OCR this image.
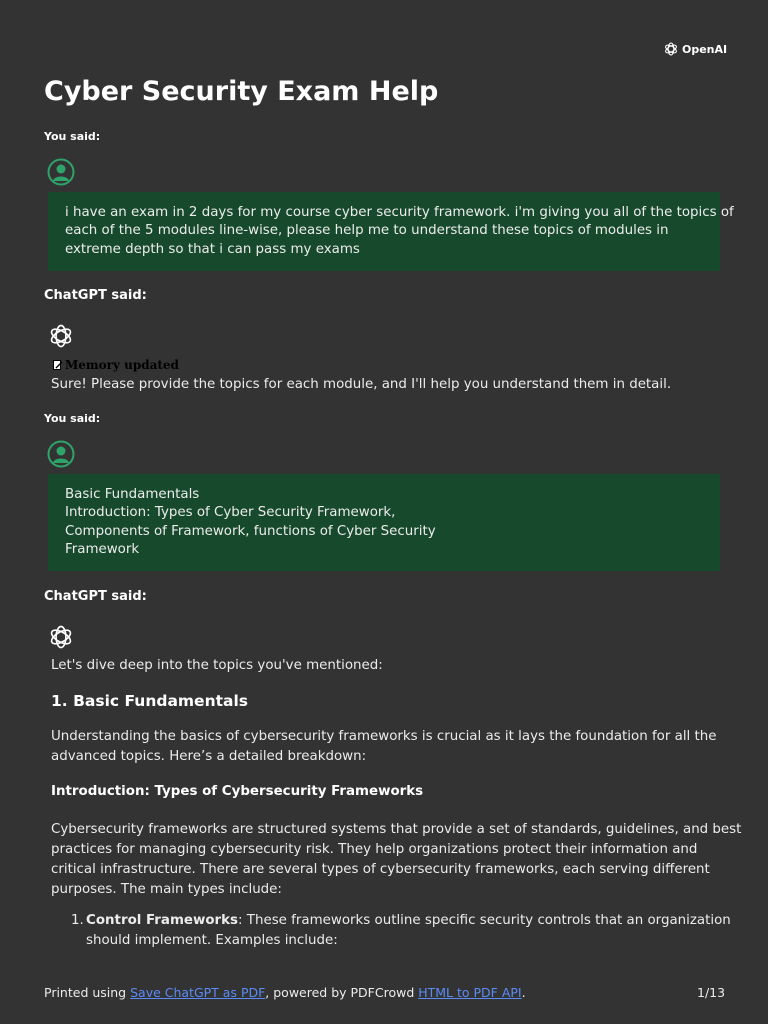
OpenAI
Cyber Security Exam Help
You said:
i have an exam in 2 days for my course cyber security framework. i'm giving you all of the topics of
each of the 5 modules line-wise, please help me to understand these topics of modules in
extreme depth so that i can pass my exams
ChatGPT said:
Memory updated

Sure! Please provide the topics for each module, and I'll help you understand them in detail.

You said:
Basic Fundamentals
Introduction: Types of Cyber Security Framework,
Components of Framework, functions of Cyber Security
Framework
ChatGPT said:

Let's dive deep into the topics you've mentioned:

1. Basic Fundamentals

Understanding the basics of cybersecurity frameworks is crucial as it lays the foundation for all the
advanced topics. Here’s a detailed breakdown:

Introduction: Types of Cybersecurity Frameworks

Cybersecurity frameworks are structured systems that provide a set of standards, guidelines, and best
practices for managing cybersecurity risk. They help organizations protect their information and
critical infrastructure. There are several types of cybersecurity frameworks, each serving different
purposes. The main types include:

1. Control Frameworks: These frameworks outline specific security controls that an organization
should implement. Examples include:
Printed using Save ChatGPT as PDF, powered by PDFCrowd HTML to PDF API.	1/13
